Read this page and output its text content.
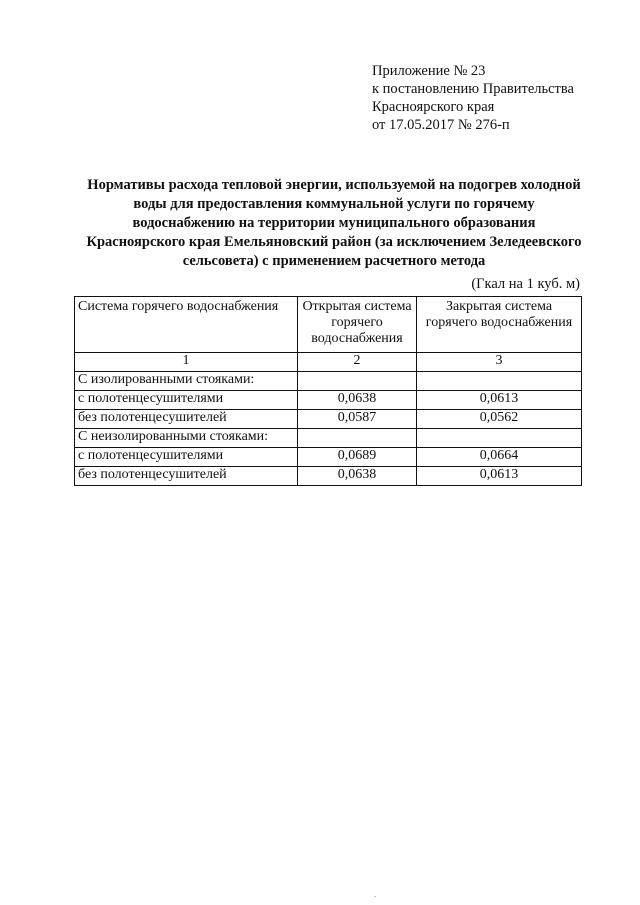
Приложение № 23
к постановлению Правительства
Красноярского края
от 17.05.2017 № 276-п
Нормативы расхода тепловой энергии, используемой на подогрев холодной
воды для предоставления коммунальной услуги по горячему
водоснабжению на территории муниципального образования
Красноярского края Емельяновский район (за исключением Зеледеевского
сельсовета) с применением расчетного метода
(Гкал на 1 куб. м)
Система горячего водоснабжения	Открытая система горячего водоснабжения	Закрытая система горячего водоснабжения
1	2	3
С изолированными стояками:		
с полотенцесушителями	0,0638	0,0613
без полотенцесушителей	0,0587	0,0562
С неизолированными стояками:		
с полотенцесушителями	0,0689	0,0664
без полотенцесушителей	0,0638	0,0613
.
